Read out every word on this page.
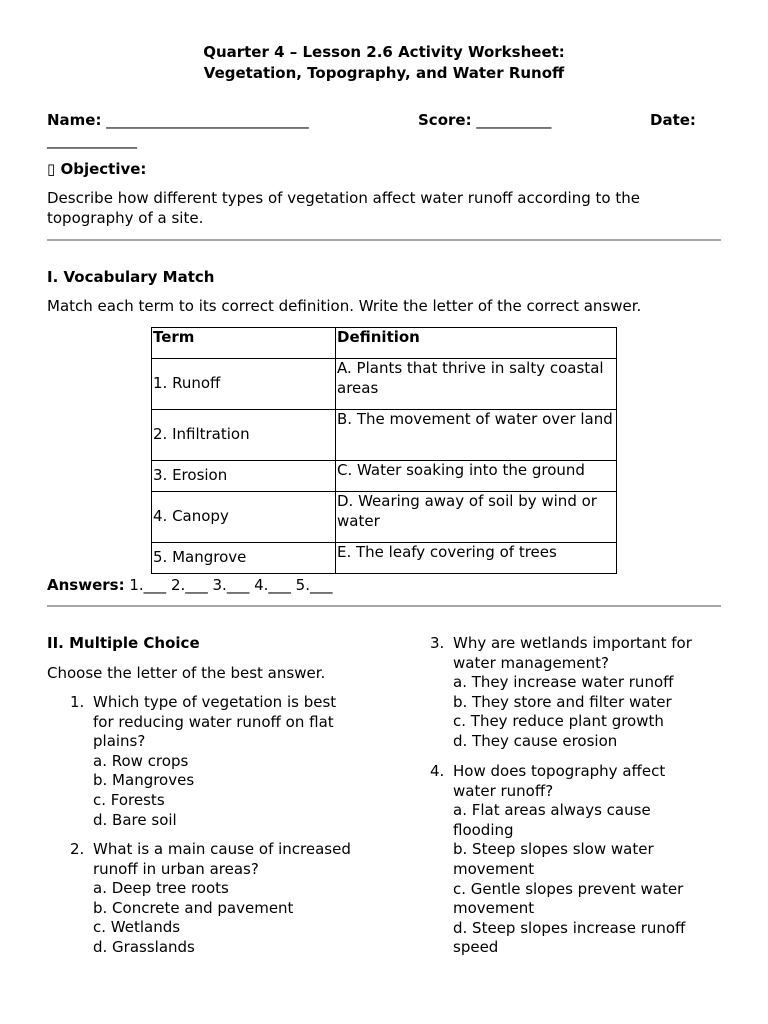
Quarter 4 – Lesson 2.6 Activity Worksheet:
Vegetation, Topography, and Water Runoff
Name: ___________________________	Score: __________	Date:
____________
▯ Objective:
Describe how different types of vegetation affect water runoff according to the topography of a site.
I. Vocabulary Match
Match each term to its correct definition. Write the letter of the correct answer.
Term	Definition
1. Runoff	A. Plants that thrive in salty coastal areas
2. Infiltration	B. The movement of water over land
3. Erosion	C. Water soaking into the ground
4. Canopy	D. Wearing away of soil by wind or water
5. Mangrove	E. The leafy covering of trees
Answers: 1.___ 2.___ 3.___ 4.___ 5.___
II. Multiple Choice
Choose the letter of the best answer.
1. Which type of vegetation is best
for reducing water runoff on flat
plains?
a. Row crops
b. Mangroves
c. Forests
d. Bare soil
2. What is a main cause of increased
runoff in urban areas?
a. Deep tree roots
b. Concrete and pavement
c. Wetlands
d. Grasslands
3. Why are wetlands important for
water management?
a. They increase water runoff
b. They store and filter water
c. They reduce plant growth
d. They cause erosion
4. How does topography affect
water runoff?
a. Flat areas always cause
flooding
b. Steep slopes slow water
movement
c. Gentle slopes prevent water
movement
d. Steep slopes increase runoff
speed
